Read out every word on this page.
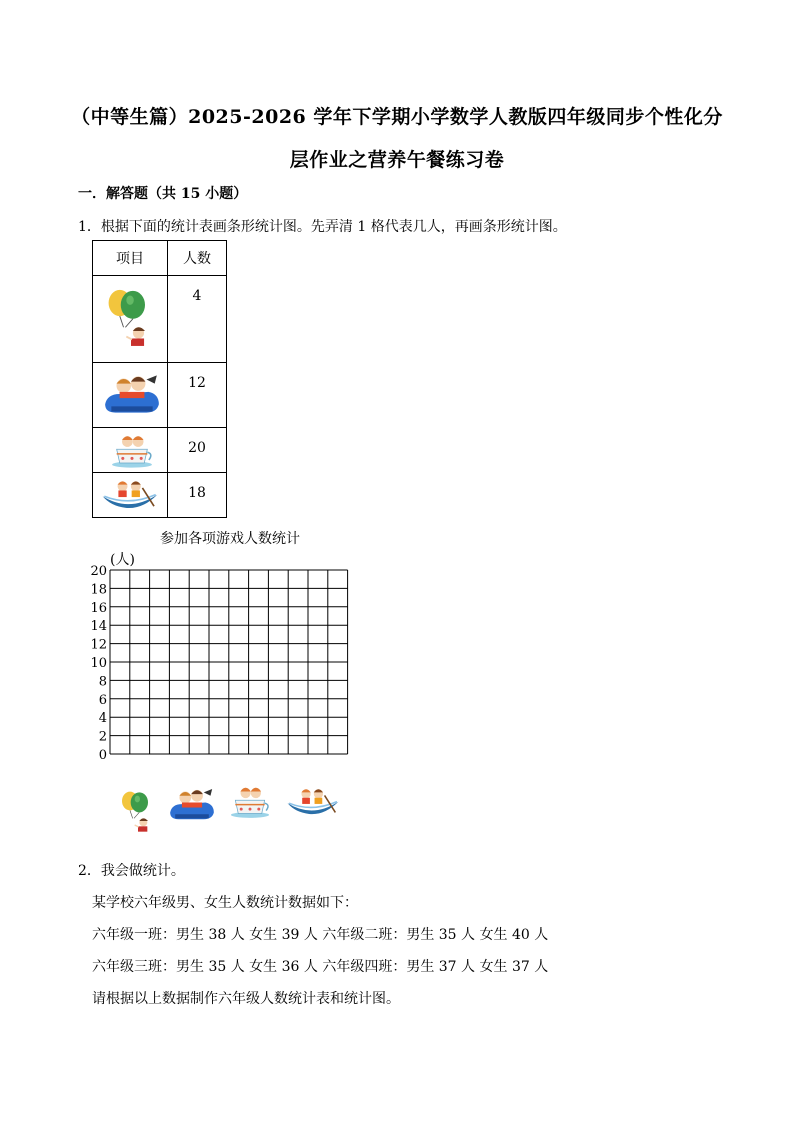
（中等生篇）2025-2026 学年下学期小学数学人教版四年级同步个性化分
层作业之营养午餐练习卷
一．解答题（共 15 小题）
1．根据下面的统计表画条形统计图。先弄清 1 格代表几人，再画条形统计图。
项目	人数

	4

	12

	20

	18
参加各项游戏人数统计
(人)
0
2
4
6
8
10
12
14
16
18
20
2．我会做统计。
某学校六年级男、女生人数统计数据如下：
六年级一班：男生 38 人 女生 39 人 六年级二班：男生 35 人 女生 40 人
六年级三班：男生 35 人 女生 36 人 六年级四班：男生 37 人 女生 37 人
请根据以上数据制作六年级人数统计表和统计图。
